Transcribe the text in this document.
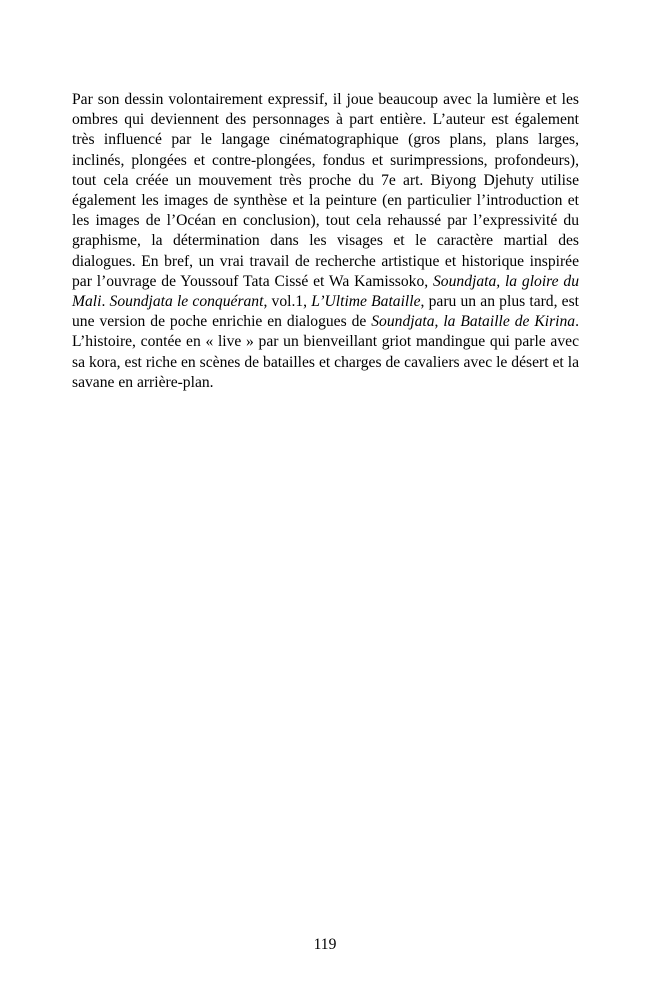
Par son dessin volontairement expressif, il joue beaucoup avec la lumière et les ombres qui deviennent des personnages à part entière. L’auteur est également très influencé par le langage cinématographique (gros plans, plans larges, inclinés, plongées et contre-plongées, fondus et surimpressions, profondeurs), tout cela créée un mouvement très proche du 7e art. Biyong Djehuty utilise également les images de synthèse et la peinture (en particulier l’introduction et les images de l’Océan en conclusion), tout cela rehaussé par l’expressivité du graphisme, la détermination dans les visages et le caractère martial des dialogues. En bref, un vrai travail de recherche artistique et historique inspirée par l’ouvrage de Youssouf Tata Cissé et Wa Kamissoko, Soundjata, la gloire du Mali. Soundjata le conquérant, vol.1, L’Ultime Bataille, paru un an plus tard, est une version de poche enrichie en dialogues de Soundjata, la Bataille de Kirina. L’histoire, contée en « live » par un bienveillant griot mandingue qui parle avec sa kora, est riche en scènes de batailles et charges de cavaliers avec le désert et la savane en arrière-plan.

119
